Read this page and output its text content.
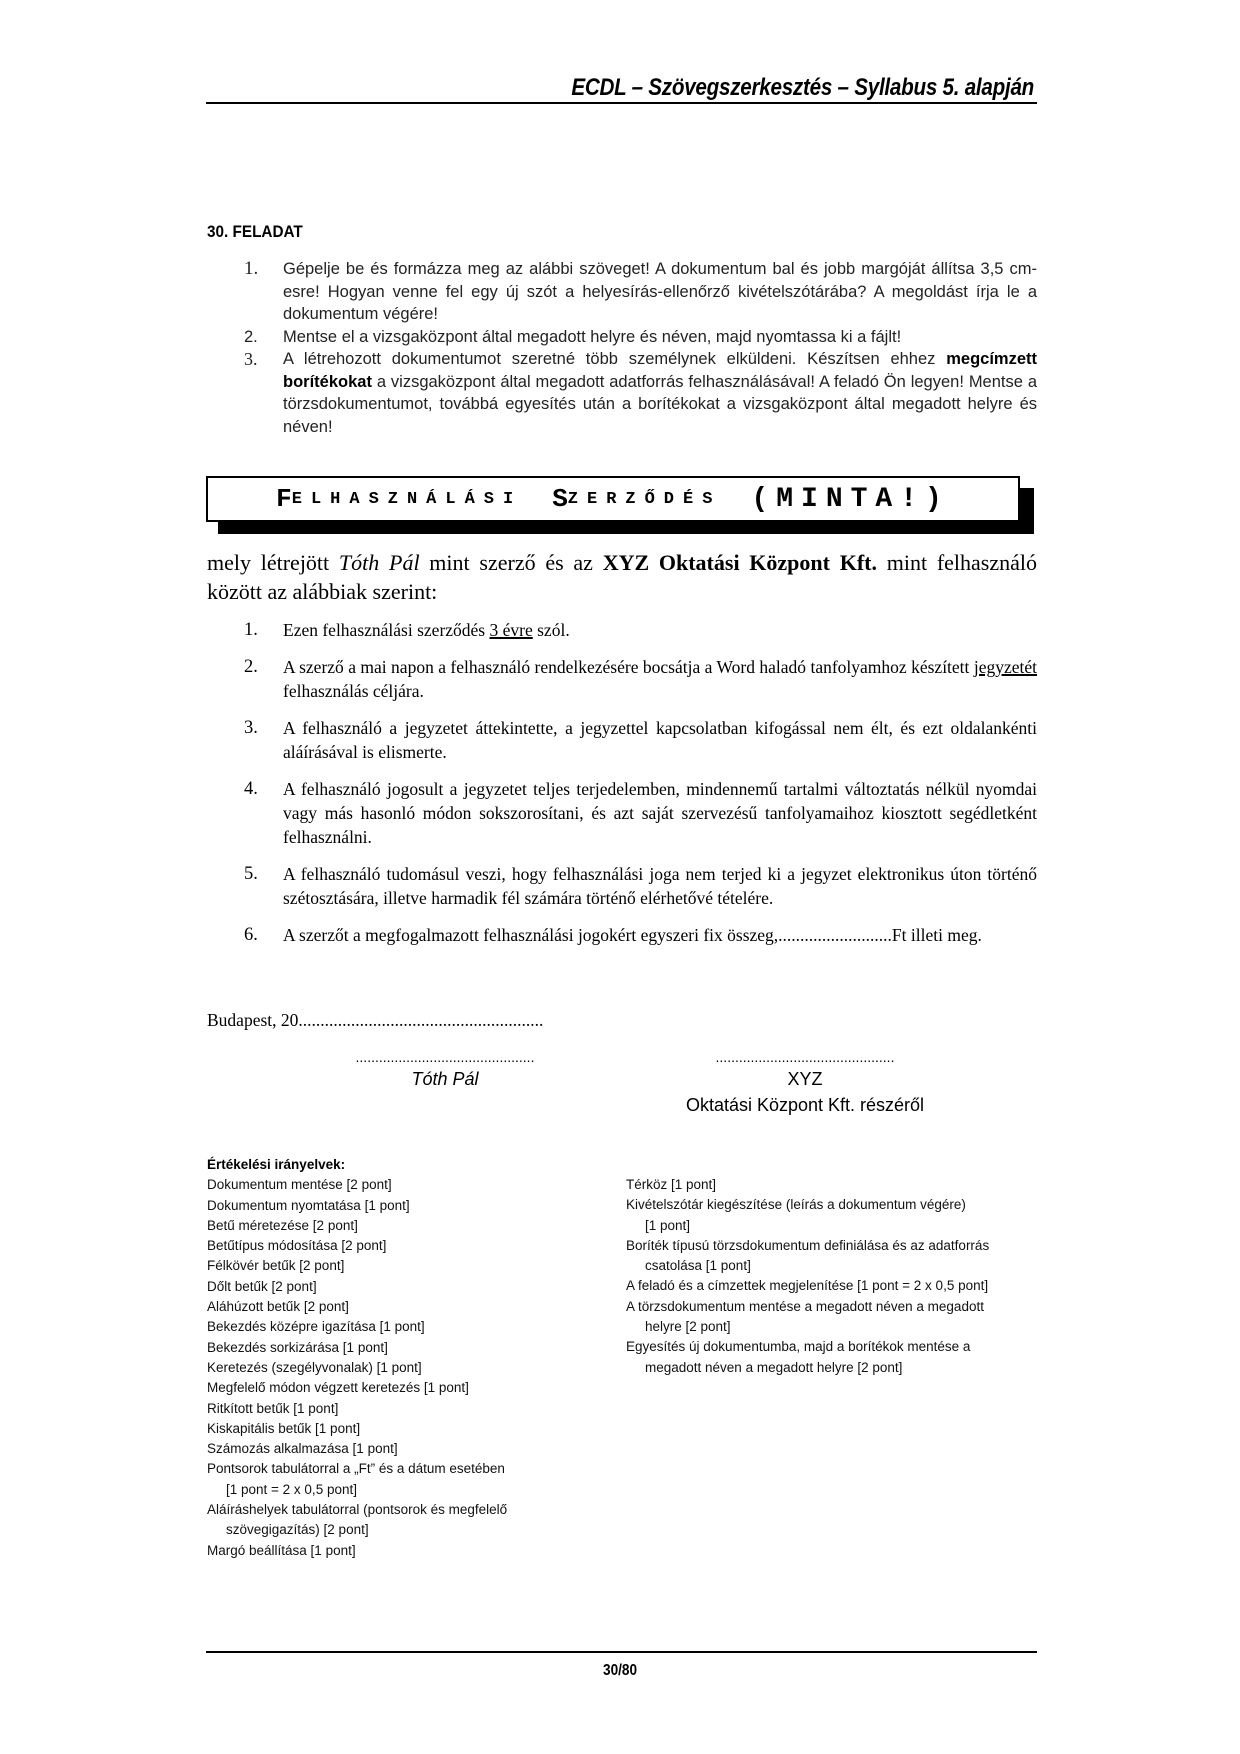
ECDL – Szövegszerkesztés – Syllabus 5. alapján
30. FELADAT
1. Gépelje be és formázza meg az alábbi szöveget! A dokumentum bal és jobb margóját állítsa 3,5 cm-esre! Hogyan venne fel egy új szót a helyesírás-ellenőrző kivételszótárába? A megoldást írja le a dokumentum végére!
2. Mentse el a vizsgaközpont által megadott helyre és néven, majd nyomtassa ki a fájlt!
3. A létrehozott dokumentumot szeretné több személynek elküldeni. Készítsen ehhez megcímzett borítékokat a vizsgaközpont által megadott adatforrás felhasználásával! A feladó Ön legyen! Mentse a törzsdokumentumot, továbbá egyesítés után a borítékokat a vizsgaközpont által megadott helyre és néven!
F ELHASZNÁLÁSI S ZERZŐDÉS (MINTA!)
mely létrejött Tóth Pál mint szerző és az XYZ Oktatási Központ Kft. mint felhasználó között az alábbiak szerint:
1. Ezen felhasználási szerződés 3 évre szól.
2. A szerző a mai napon a felhasználó rendelkezésére bocsátja a Word haladó tanfolyamhoz készített jegyzetét felhasználás céljára.
3. A felhasználó a jegyzetet áttekintette, a jegyzettel kapcsolatban kifogással nem élt, és ezt oldalankénti aláírásával is elismerte.
4. A felhasználó jogosult a jegyzetet teljes terjedelemben, mindennemű tartalmi változtatás nélkül nyomdai vagy más hasonló módon sokszorosítani, és azt saját szervezésű tanfolyamaihoz kiosztott segédletként felhasználni.
5. A felhasználó tudomásul veszi, hogy felhasználási joga nem terjed ki a jegyzet elektronikus úton történő szétosztására, illetve harmadik fél számára történő elérhetővé tételére.
6. A szerzőt a megfogalmazott felhasználási jogokért egyszeri fix összeg,..........................Ft illeti meg.
Budapest, 20........................................................
..............................................
Tóth Pál
..............................................
XYZ
Oktatási Központ Kft. részéről
Értékelési irányelvek:
Dokumentum mentése [2 pont]
Dokumentum nyomtatása [1 pont]
Betű méretezése [2 pont]
Betűtípus módosítása [2 pont]
Félkövér betűk [2 pont]
Dőlt betűk [2 pont]
Aláhúzott betűk [2 pont]
Bekezdés középre igazítása [1 pont]
Bekezdés sorkizárása [1 pont]
Keretezés (szegélyvonalak) [1 pont]
Megfelelő módon végzett keretezés [1 pont]
Ritkított betűk [1 pont]
Kiskapitális betűk [1 pont]
Számozás alkalmazása [1 pont]
Pontsorok tabulátorral a „Ft” és a dátum esetében
[1 pont = 2 x 0,5 pont]
Aláíráshelyek tabulátorral (pontsorok és megfelelő
szövegigazítás) [2 pont]
Margó beállítása [1 pont]
Térköz [1 pont]
Kivételszótár kiegészítése (leírás a dokumentum végére)
[1 pont]
Boríték típusú törzsdokumentum definiálása és az adatforrás
csatolása [1 pont]
A feladó és a címzettek megjelenítése [1 pont = 2 x 0,5 pont]
A törzsdokumentum mentése a megadott néven a megadott
helyre [2 pont]
Egyesítés új dokumentumba, majd a borítékok mentése a
megadott néven a megadott helyre [2 pont]
30/80
